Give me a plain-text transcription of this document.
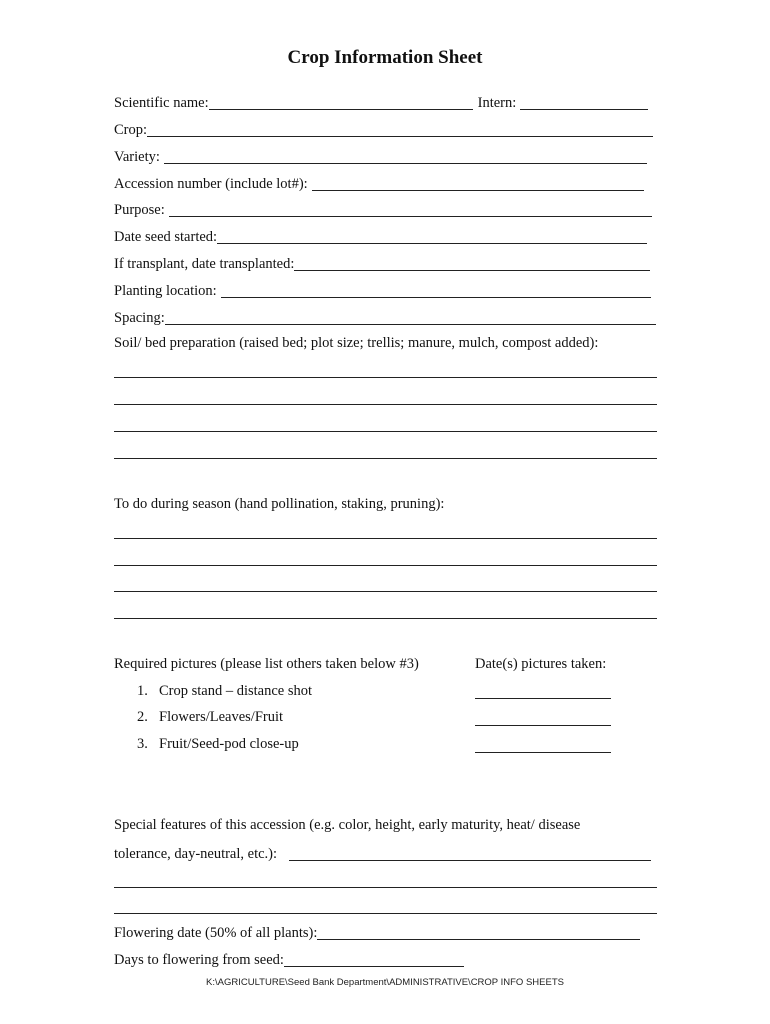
Crop Information Sheet
Scientific name:	Intern:
Crop:
Variety:
Accession number (include lot#):
Purpose:
Date seed started:
If transplant, date transplanted:
Planting location:
Spacing:
Soil/ bed preparation (raised bed; plot size; trellis; manure, mulch, compost added):
To do during season (hand pollination, staking, pruning):
Required pictures (please list others taken below #3)	Date(s) pictures taken:
1. Crop stand – distance shot
2. Flowers/Leaves/Fruit
3. Fruit/Seed-pod close-up
Special features of this accession (e.g. color, height, early maturity, heat/ disease
tolerance, day-neutral, etc.):
Flowering date (50% of all plants):
Days to flowering from seed:
K:\AGRICULTURE\Seed Bank Department\ADMINISTRATIVE\CROP INFO SHEETS
